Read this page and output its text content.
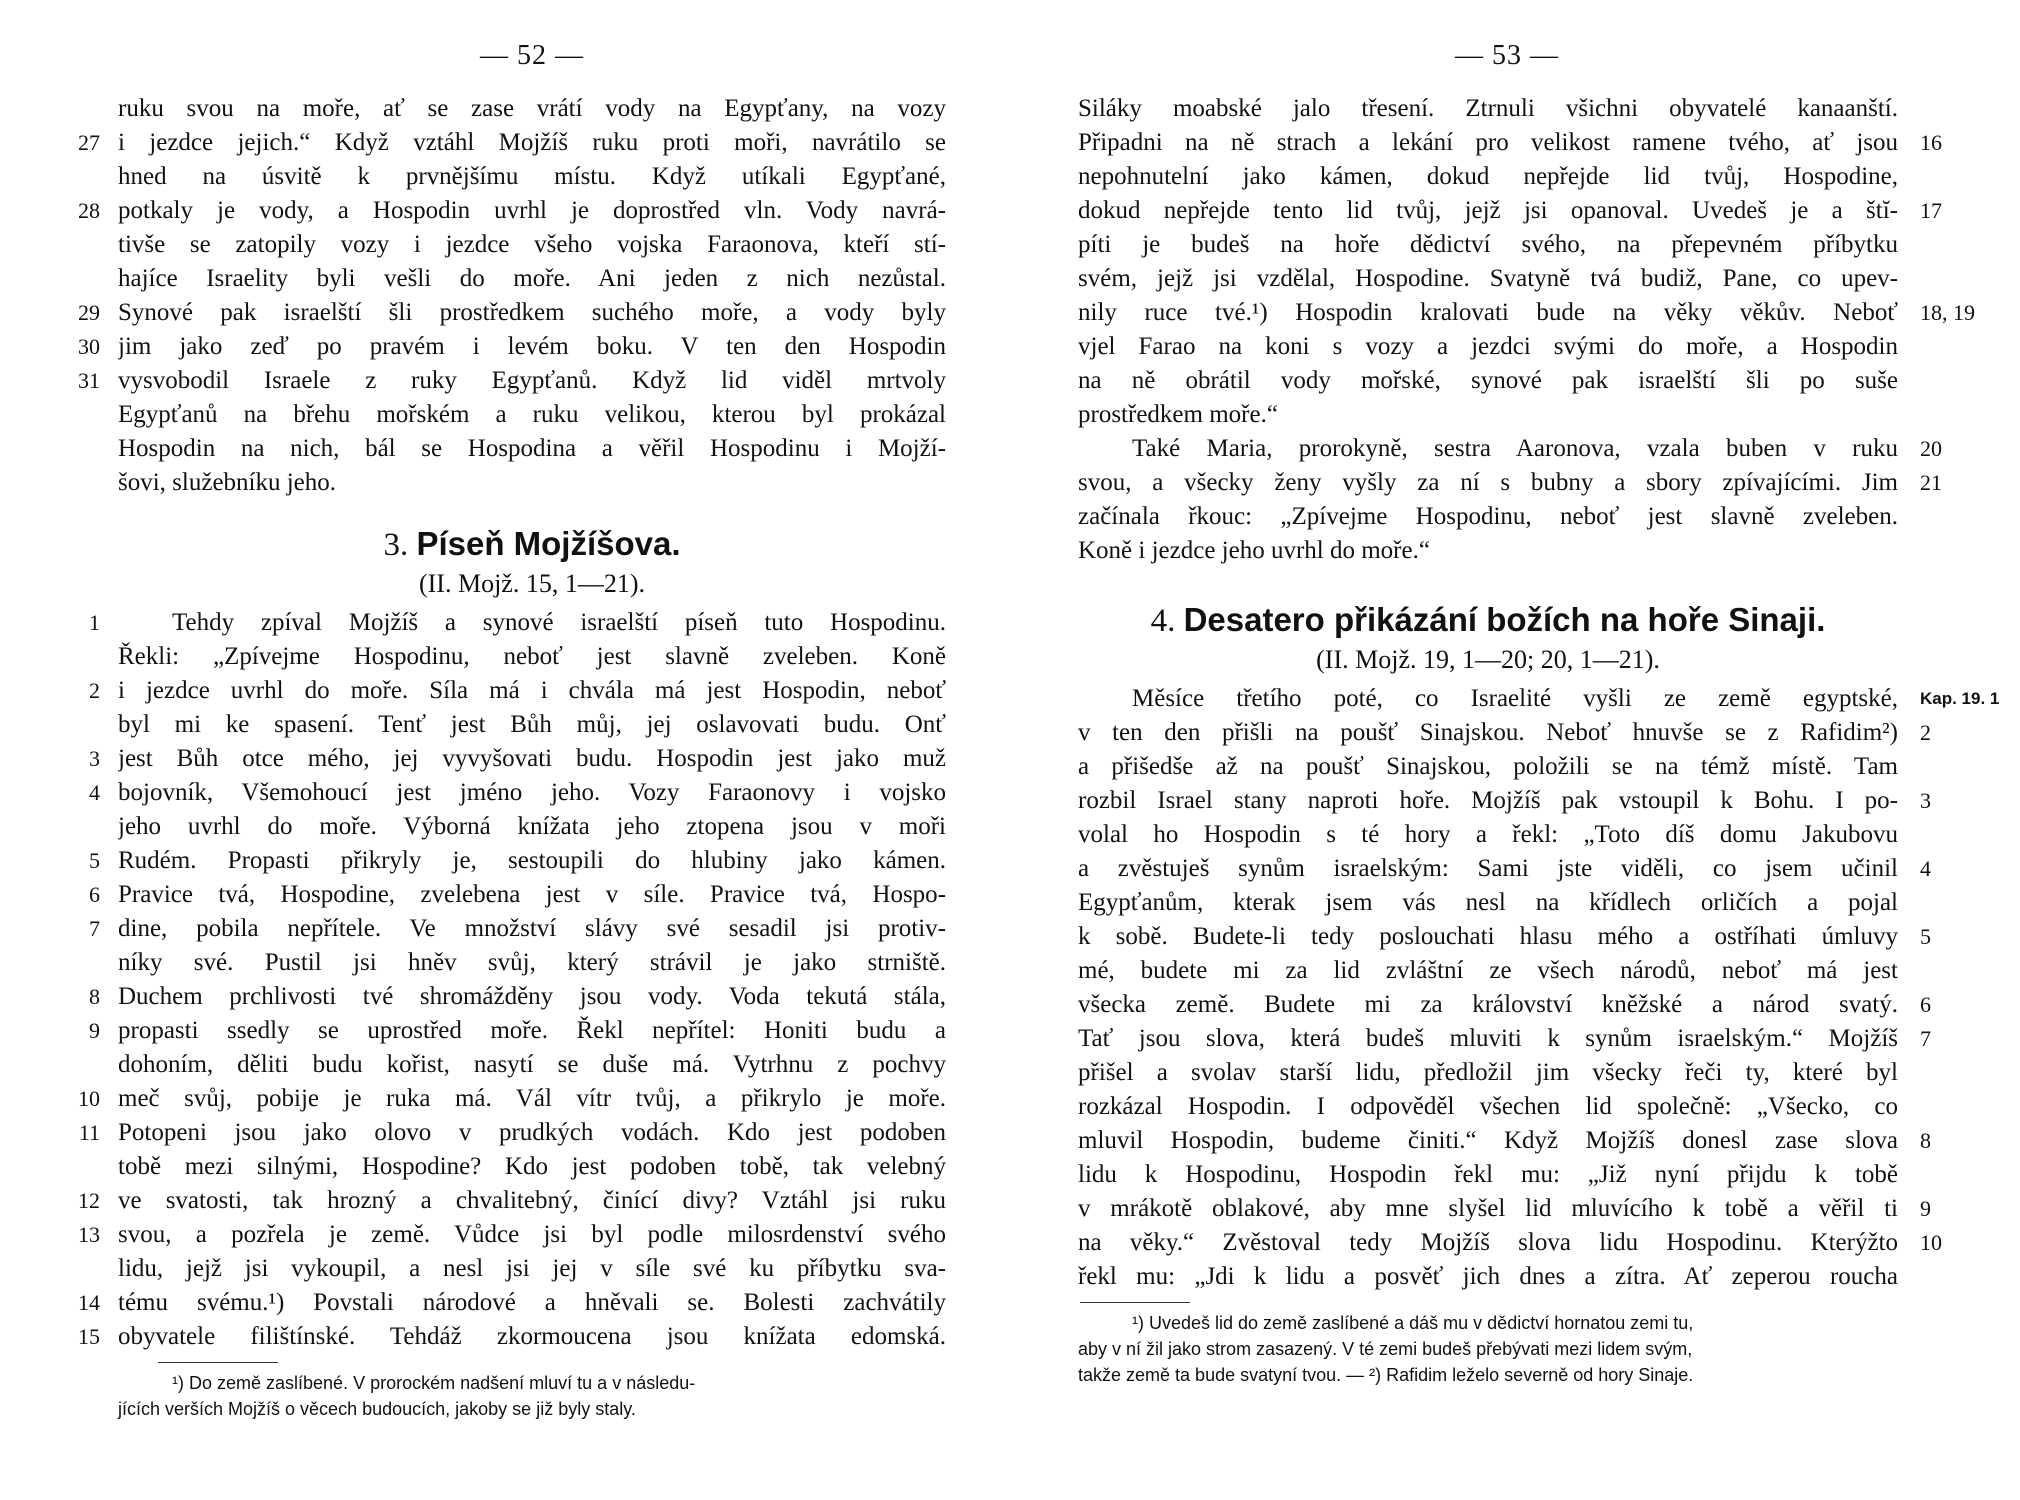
— 52 —
ruku svou na moře, ať se zase vrátí vody na Egypťany, na vozy
27 i jezdce jejich.“ Když vztáhl Mojžíš ruku proti moři, navrátilo se
hned na úsvitě k prvnějšímu místu. Když utíkali Egypťané,
28 potkaly je vody, a Hospodin uvrhl je doprostřed vln. Vody navrá-
tivše se zatopily vozy i jezdce všeho vojska Faraonova, kteří stí-
hajíce Israelity byli vešli do moře. Ani jeden z nich nezůstal.
29 Synové pak israelští šli prostředkem suchého moře, a vody byly
30 jim jako zeď po pravém i levém boku. V ten den Hospodin
31 vysvobodil Israele z ruky Egypťanů. Když lid viděl mrtvoly
Egypťanů na břehu mořském a ruku velikou, kterou byl prokázal
Hospodin na nich, bál se Hospodina a věřil Hospodinu i Mojží-
šovi, služebníku jeho.
3. Píseň Mojžíšova.
(II. Mojž. 15, 1—21).
1	Tehdy zpíval Mojžíš a synové israelští píseň tuto Hospodinu.
Řekli: „Zpívejme Hospodinu, neboť jest slavně zveleben. Koně
2 i jezdce uvrhl do moře. Síla má i chvála má jest Hospodin, neboť
byl mi ke spasení. Tenť jest Bůh můj, jej oslavovati budu. Onť
3 jest Bůh otce mého, jej vyvyšovati budu. Hospodin jest jako muž
4 bojovník, Všemohoucí jest jméno jeho. Vozy Faraonovy i vojsko
jeho uvrhl do moře. Výborná knížata jeho ztopena jsou v moři
5 Rudém. Propasti přikryly je, sestoupili do hlubiny jako kámen.
6 Pravice tvá, Hospodine, zvelebena jest v síle. Pravice tvá, Hospo-
7 dine, pobila nepřítele. Ve množství slávy své sesadil jsi protiv-
níky své. Pustil jsi hněv svůj, který strávil je jako strniště.
8 Duchem prchlivosti tvé shromážděny jsou vody. Voda tekutá stála,
9 propasti ssedly se uprostřed moře. Řekl nepřítel: Honiti budu a
dohoním, děliti budu kořist, nasytí se duše má. Vytrhnu z pochvy
10 meč svůj, pobije je ruka má. Vál vítr tvůj, a přikrylo je moře.
11 Potopeni jsou jako olovo v prudkých vodách. Kdo jest podoben
tobě mezi silnými, Hospodine? Kdo jest podoben tobě, tak velebný
12 ve svatosti, tak hrozný a chvalitebný, činící divy? Vztáhl jsi ruku
13 svou, a pozřela je země. Vůdce jsi byl podle milosrdenství svého
lidu, jejž jsi vykoupil, a nesl jsi jej v síle své ku příbytku sva-
14 tému svému.¹) Povstali národové a hněvali se. Bolesti zachvátily
15 obyvatele filištínské. Tehdáž zkormoucena jsou knížata edomská.
¹) Do země zaslíbené. V prorockém nadšení mluví tu a v následu-
jících verších Mojžíš o věcech budoucích, jakoby se již byly staly.
— 53 —
Siláky moabské jalo třesení. Ztrnuli všichni obyvatelé kanaanští.
16
Připadni na ně strach a lekání pro velikost ramene tvého, ať jsou
nepohnutelní jako kámen, dokud nepřejde lid tvůj, Hospodine,
17
dokud nepřejde tento lid tvůj, jejž jsi opanoval. Uvedeš je a štĭ-
píti je budeš na hoře dědictví svého, na přepevném příbytku
svém, jejž jsi vzdělal, Hospodine. Svatyně tvá budiž, Pane, co upev-
18, 19
nily ruce tvé.¹) Hospodin kralovati bude na věky věkův. Neboť
vjel Farao na koni s vozy a jezdci svými do moře, a Hospodin
na ně obrátil vody mořské, synové pak israelští šli po suše
prostředkem moře.“
20
Také Maria, prorokyně, sestra Aaronova, vzala buben v ruku
21
svou, a všecky ženy vyšly za ní s bubny a sbory zpívajícími. Jim
začínala řkouc: „Zpívejme Hospodinu, neboť jest slavně zveleben.
Koně i jezdce jeho uvrhl do moře.“
4. Desatero přikázání božích na hoře Sinaji.
(II. Mojž. 19, 1—20; 20, 1—21).
Kap. 19. 1
Měsíce třetího poté, co Israelité vyšli ze země egyptské,
2
v ten den přišli na poušť Sinajskou. Neboť hnuvše se z Rafidim²)
a přišedše až na poušť Sinajskou, položili se na témž místě. Tam
3
rozbil Israel stany naproti hoře. Mojžíš pak vstoupil k Bohu. I po-
volal ho Hospodin s té hory a řekl: „Toto díš domu Jakubovu
4
a zvěstuješ synům israelským: Sami jste viděli, co jsem učinil
Egypťanům, kterak jsem vás nesl na křídlech orličích a pojal
5
k sobě. Budete-li tedy poslouchati hlasu mého a ostříhati úmluvy
mé, budete mi za lid zvláštní ze všech národů, neboť má jest
6
všecka země. Budete mi za království kněžské a národ svatý.
7
Tať jsou slova, která budeš mluviti k synům israelským.“ Mojžíš
přišel a svolav starší lidu, předložil jim všecky řeči ty, které byl
rozkázal Hospodin. I odpověděl všechen lid společně: „Všecko, co
8
mluvil Hospodin, budeme činiti.“ Když Mojžíš donesl zase slova
lidu k Hospodinu, Hospodin řekl mu: „Již nyní přijdu k tobě
9
v mrákotě oblakové, aby mne slyšel lid mluvícího k tobě a věřil ti
10
na věky.“ Zvěstoval tedy Mojžíš slova lidu Hospodinu. Kterýžto
řekl mu: „Jdi k lidu a posvěť jich dnes a zítra. Ať zeperou roucha
¹) Uvedeš lid do země zaslíbené a dáš mu v dědictví hornatou zemi tu,
aby v ní žil jako strom zasazený. V té zemi budeš přebývati mezi lidem svým,
takže země ta bude svatyní tvou. — ²) Rafidim leželo severně od hory Sinaje.
